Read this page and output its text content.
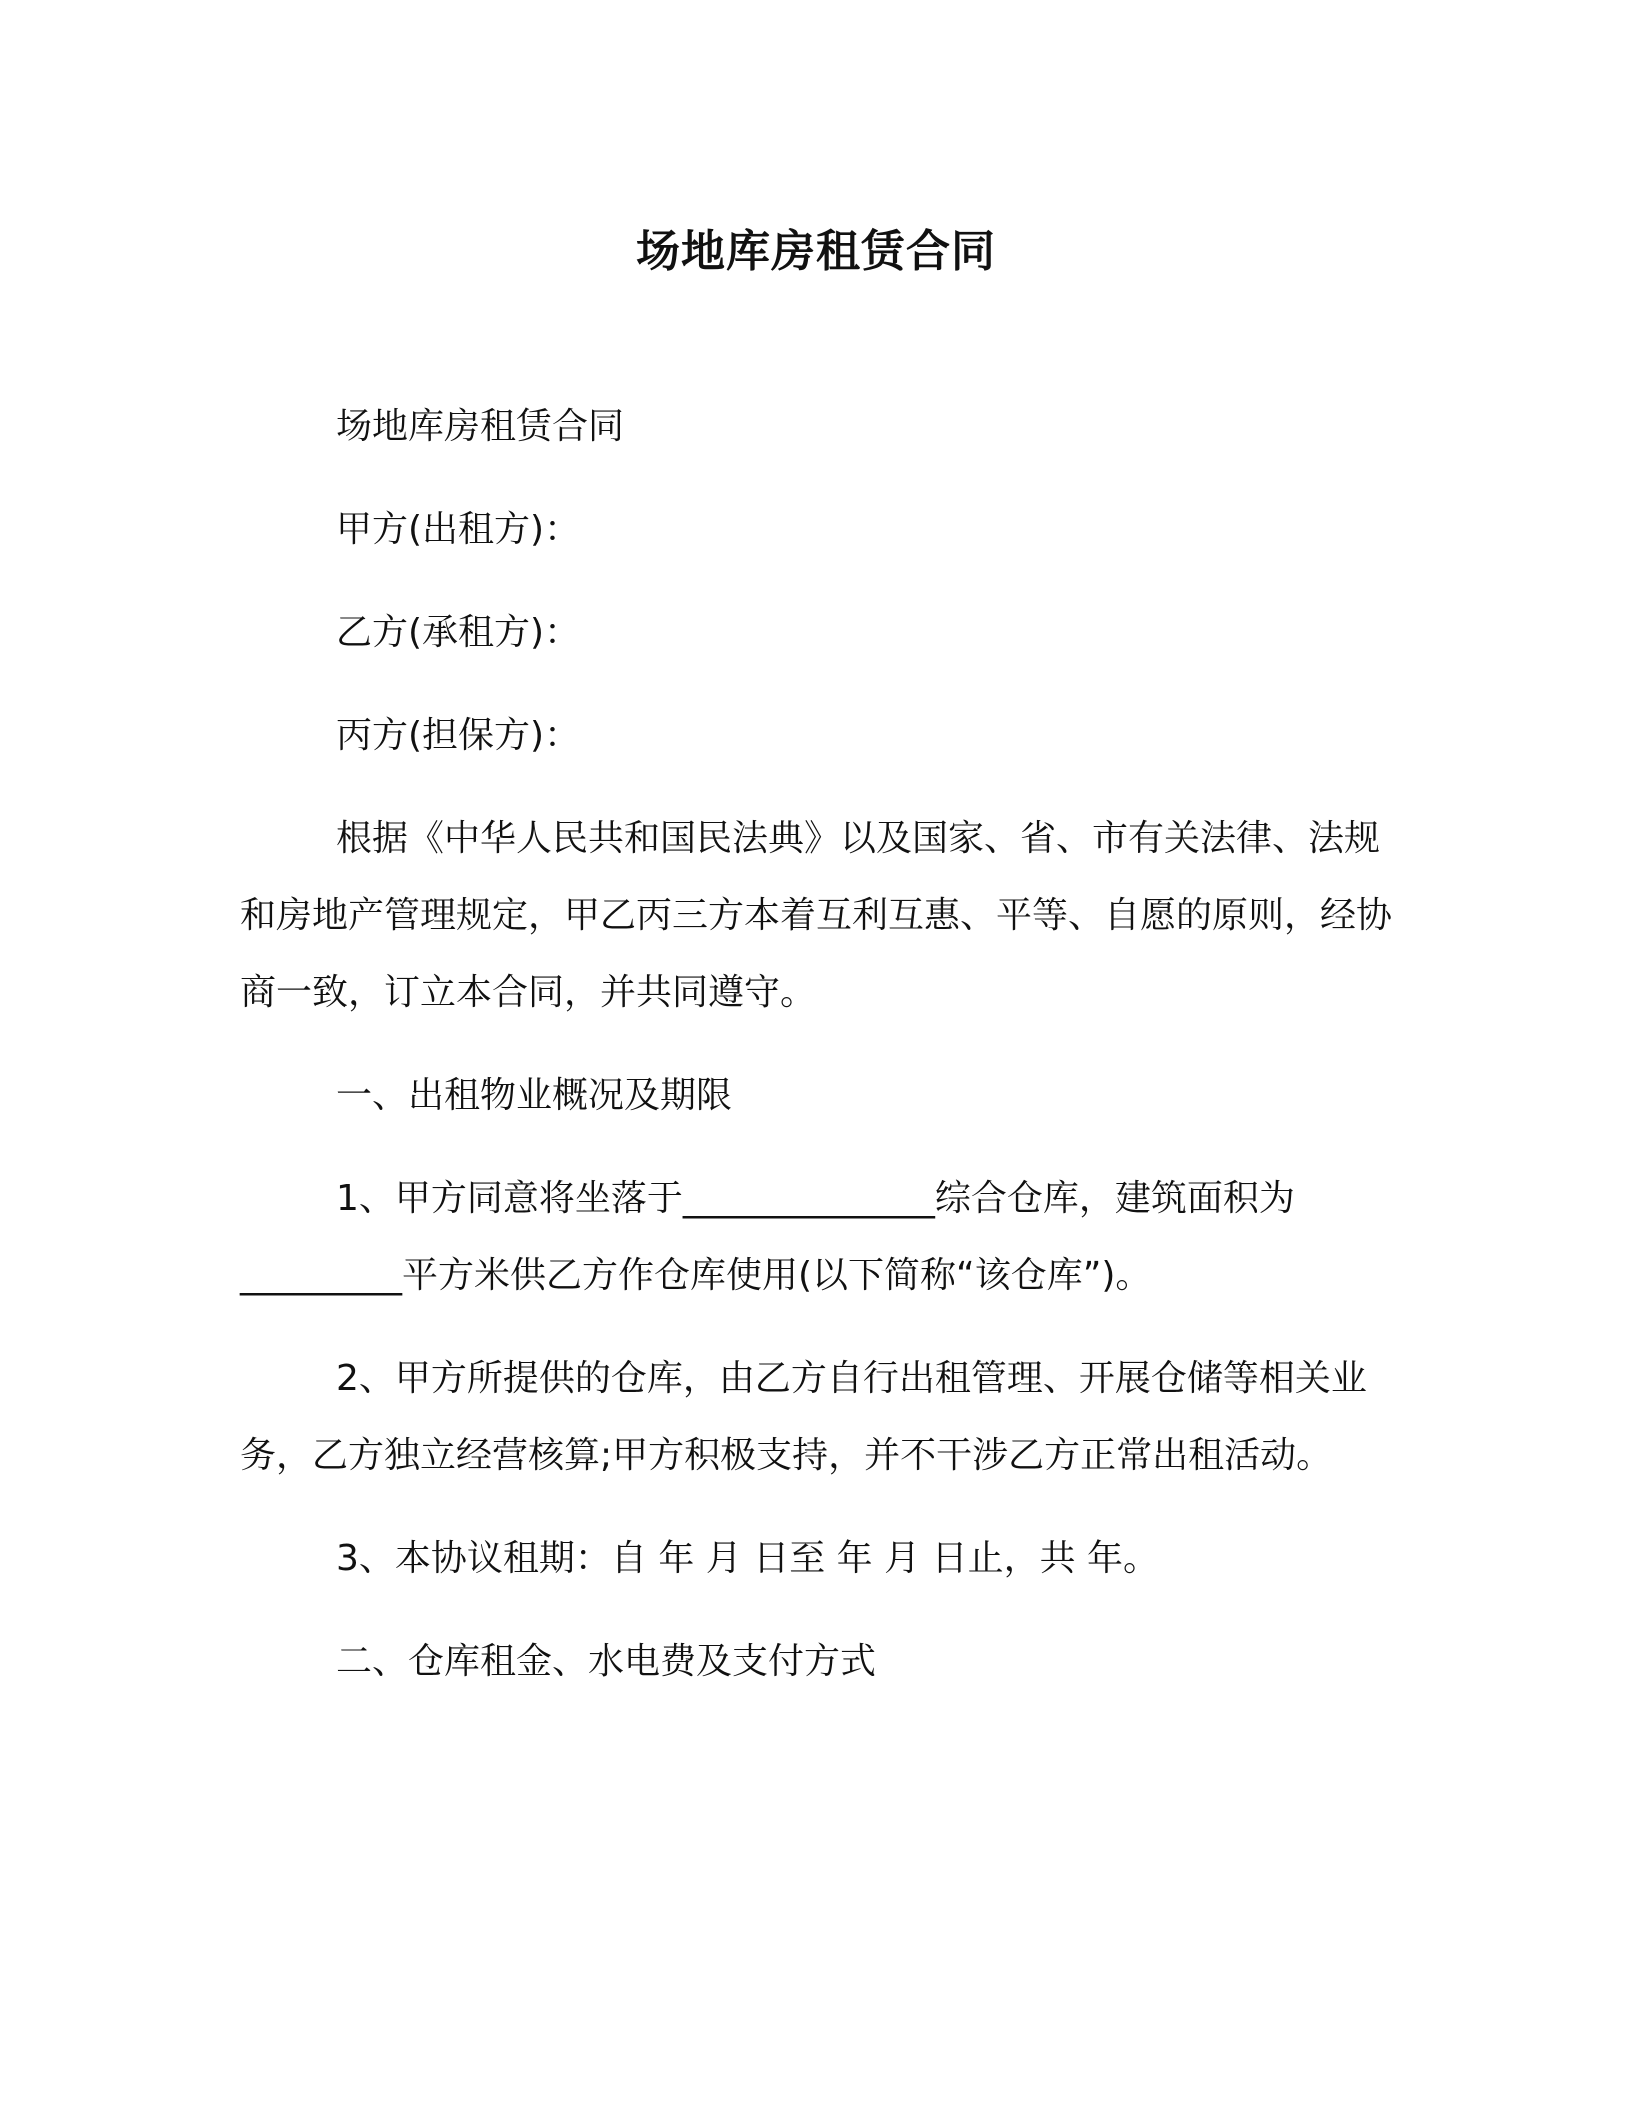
场地库房租赁合同

场地库房租赁合同

甲方(出租方)：

乙方(承租方)：

丙方(担保方)：

根据《中华人民共和国民法典》以及国家、省、市有关法律、法规和房地产管理规定，甲乙丙三方本着互利互惠、平等、自愿的原则，经协商一致，订立本合同，并共同遵守。

一、出租物业概况及期限

1、甲方同意将坐落于______________综合仓库，建筑面积为_________平方米供乙方作仓库使用(以下简称“该仓库”)。

2、甲方所提供的仓库，由乙方自行出租管理、开展仓储等相关业务，乙方独立经营核算;甲方积极支持，并不干涉乙方正常出租活动。

3、本协议租期：自 年 月 日至 年 月 日止，共 年。

二、仓库租金、水电费及支付方式
